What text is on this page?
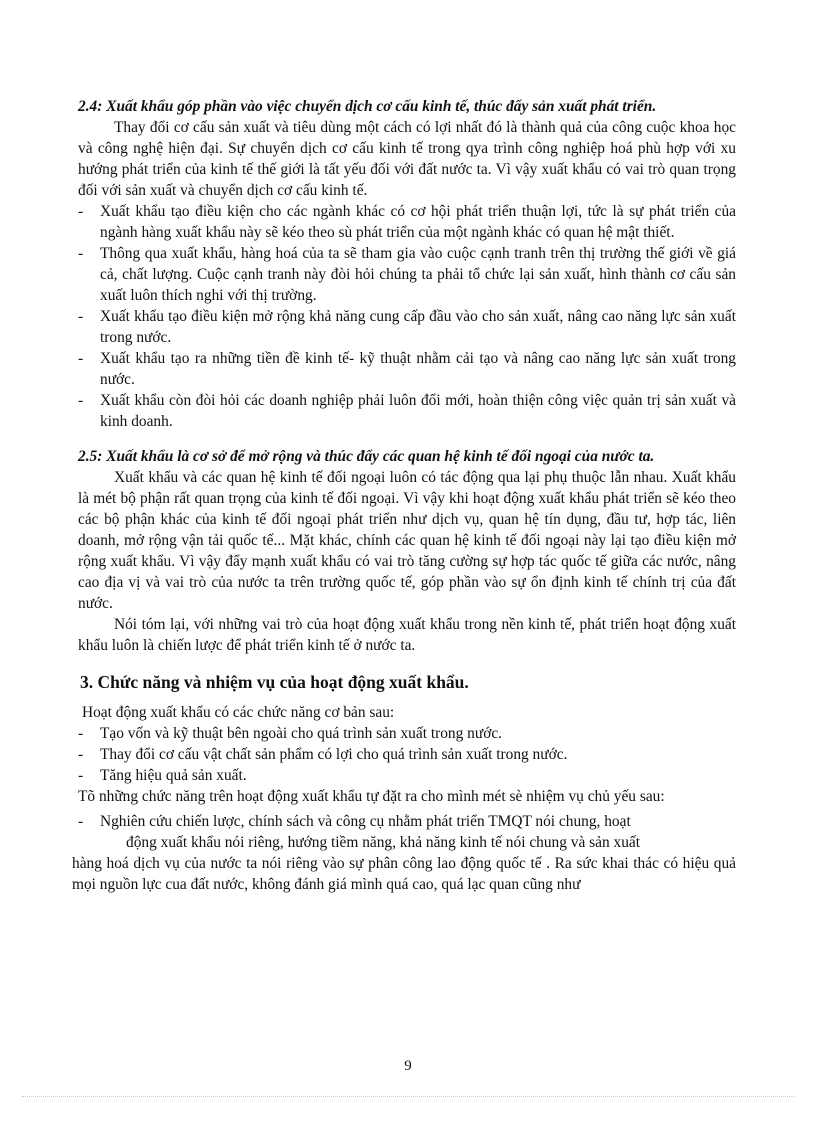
2.4: Xuất khẩu góp phần vào việc chuyển dịch cơ cấu kinh tế, thúc đẩy sản xuất phát triển.

Thay đổi cơ cấu sản xuất và tiêu dùng một cách có lợi nhất đó là thành quả của công cuộc khoa học và công nghệ hiện đại. Sự chuyển dịch cơ cấu kinh tế trong qya trình công nghiệp hoá phù hợp với xu hướng phát triển của kinh tế thế giới là tất yếu đối với đất nước ta. Vì vậy xuất khẩu có vai trò quan trọng đối với sản xuất và chuyển dịch cơ cấu kinh tế.

- Xuất khẩu tạo điều kiện cho các ngành khác có cơ hội phát triển thuận lợi, tức là sự phát triển của ngành hàng xuất khẩu này sẽ kéo theo sù phát triển của một ngành khác có quan hệ mật thiết.
- Thông qua xuất khẩu, hàng hoá của ta sẽ tham gia vào cuộc cạnh tranh trên thị trường thế giới về giá cả, chất lượng. Cuộc cạnh tranh này đòi hỏi chúng ta phải tổ chức lại sản xuất, hình thành cơ cấu sản xuất luôn thích nghi với thị trường.
- Xuất khẩu tạo điều kiện mở rộng khả năng cung cấp đầu vào cho sản xuất, nâng cao năng lực sản xuất trong nước.
- Xuất khẩu tạo ra những tiền đề kinh tế- kỹ thuật nhằm cải tạo và nâng cao năng lực sản xuất trong nước.
- Xuất khẩu còn đòi hỏi các doanh nghiệp phải luôn đổi mới, hoàn thiện công việc quản trị sản xuất và kinh doanh.

2.5: Xuất khẩu là cơ sở để mở rộng và thúc đẩy các quan hệ kinh tế đối ngoại của nước ta.

Xuất khẩu và các quan hệ kinh tế đối ngoại luôn có tác động qua lại phụ thuộc lẫn nhau. Xuất khẩu là mét bộ phận rất quan trọng của kinh tế đối ngoại. Vì vậy khi hoạt động xuất khẩu phát triển sẽ kéo theo các bộ phận khác của kinh tế đối ngoại phát triển như dịch vụ, quan hệ tín dụng, đầu tư, hợp tác, liên doanh, mở rộng vận tải quốc tế... Mặt khác, chính các quan hệ kinh tế đối ngoại này lại tạo điều kiện mở rộng xuất khẩu. Vì vậy đẩy mạnh xuất khẩu có vai trò tăng cường sự hợp tác quốc tế giữa các nước, nâng cao địa vị và vai trò của nước ta trên trường quốc tế, góp phần vào sự ổn định kinh tế chính trị của đất nước.

Nói tóm lại, với những vai trò của hoạt động xuất khẩu trong nền kinh tế, phát triển hoạt động xuất khẩu luôn là chiến lược để phát triển kinh tế ở nước ta.

3. Chức năng và nhiệm vụ của hoạt động xuất khẩu.

Hoạt động xuất khẩu có các chức năng cơ bản sau:

- Tạo vốn và kỹ thuật bên ngoài cho quá trình sản xuất trong nước.
- Thay đổi cơ cấu vật chất sản phẩm có lợi cho quá trình sản xuất trong nước.
- Tăng hiệu quả sản xuất.

Tõ những chức năng trên hoạt động xuất khẩu tự đặt ra cho mình mét sè nhiệm vụ chủ yếu sau:

-	Nghiên cứu chiến lược, chính sách và công cụ nhằm phát triển TMQT nói chung, hoạt
động xuất khẩu nói riêng, hướng tiềm năng, khả năng kinh tế nói chung và sản xuất
hàng hoá dịch vụ của nước ta nói riêng vào sự phân công lao động quốc tế . Ra sức khai thác có hiệu quả mọi nguồn lực cua đất nước, không đánh giá mình quá cao, quá lạc quan cũng như
9
